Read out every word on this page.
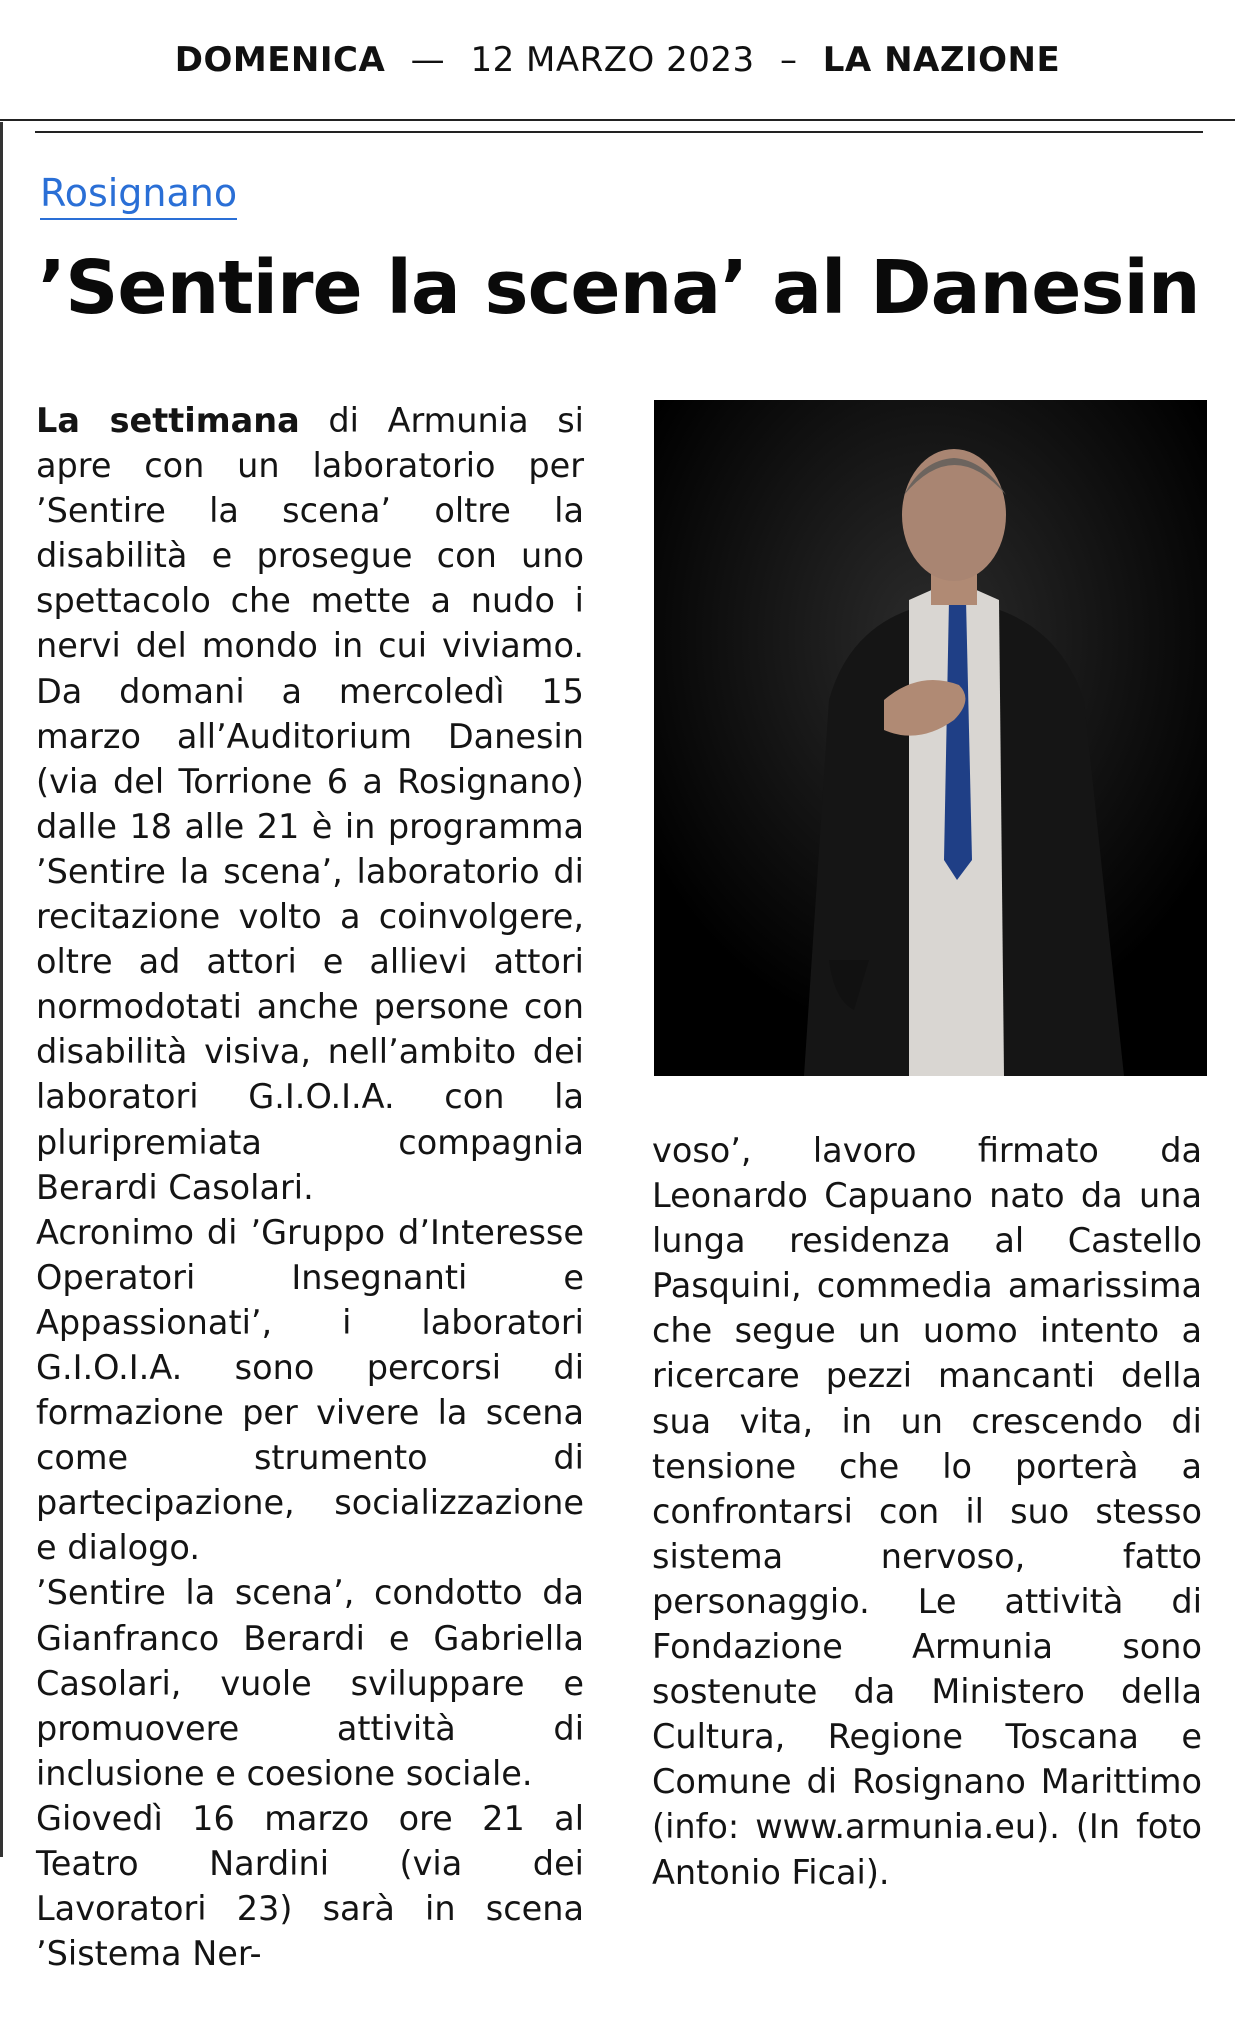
DOMENICA — 12 MARZO 2023 – LA NAZIONE
Rosignano
’Sentire la scena’ al Danesin

La settimana di Armunia si apre con un laboratorio per ’Sentire la scena’ oltre la disabilità e prosegue con uno spettacolo che mette a nudo i nervi del mondo in cui viviamo. Da domani a mercoledì 15 marzo all’Auditorium Danesin (via del Torrione 6 a Rosignano) dalle 18 alle 21 è in programma ’Sentire la scena’, laboratorio di recitazione volto a coinvolgere, oltre ad attori e allievi attori normodotati anche persone con disabilità visiva, nell’ambito dei laboratori G.I.O.I.A. con la pluripremiata compagnia Berardi Casolari.

Acronimo di ’Gruppo d’Interesse Operatori Insegnanti e Appassionati’, i laboratori G.I.O.I.A. sono percorsi di formazione per vivere la scena come strumento di partecipazione, socializzazione e dialogo.

’Sentire la scena’, condotto da Gianfranco Berardi e Gabriella Casolari, vuole sviluppare e promuovere attività di inclusione e coesione sociale.

Giovedì 16 marzo ore 21 al Teatro Nardini (via dei Lavoratori 23) sarà in scena ’Sistema Ner-

voso’, lavoro firmato da Leonardo Capuano nato da una lunga residenza al Castello Pasquini, commedia amarissima che segue un uomo intento a ricercare pezzi mancanti della sua vita, in un crescendo di tensione che lo porterà a confrontarsi con il suo stesso sistema nervoso, fatto personaggio. Le attività di Fondazione Armunia sono sostenute da Ministero della Cultura, Regione Toscana e Comune di Rosignano Marittimo (info: www.armunia.eu). (In foto Antonio Ficai).
